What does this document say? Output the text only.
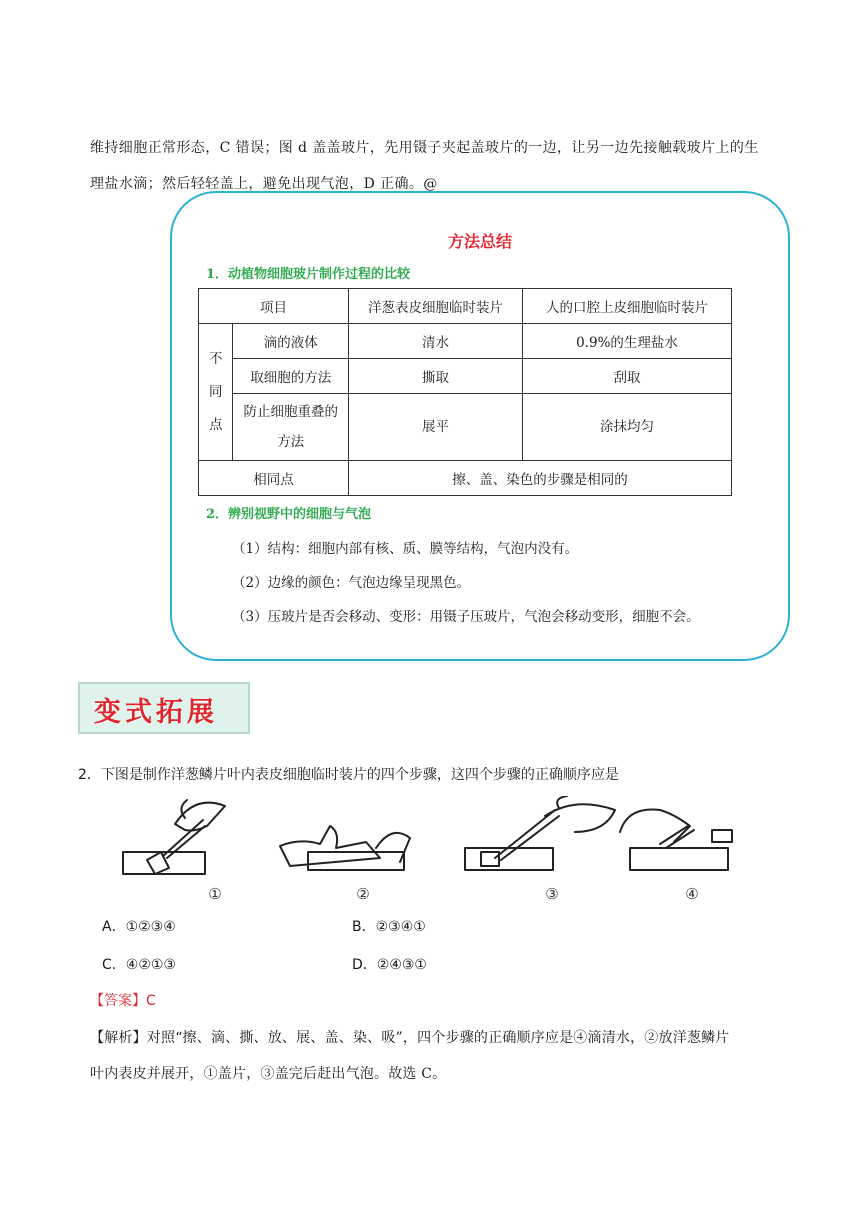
维持细胞正常形态，C 错误；图 d 盖盖玻片，先用镊子夹起盖玻片的一边，让另一边先接触载玻片上的生
理盐水滴；然后轻轻盖上，避免出现气泡，D 正确。@
方法总结
1．动植物细胞玻片制作过程的比较
项目		洋葱表皮细胞临时装片	人的口腔上皮细胞临时装片

不
同
点	滴的液体	清水	0.9%的生理盐水
	取细胞的方法	撕取	刮取
	防止细胞重叠的方法	展平	涂抹均匀
相同点		擦、盖、染色的步骤是相同的	
2．辨别视野中的细胞与气泡
（1）结构：细胞内部有核、质、膜等结构，气泡内没有。
（2）边缘的颜色：气泡边缘呈现黑色。
（3）压玻片是否会移动、变形：用镊子压玻片，气泡会移动变形，细胞不会。
变式拓展
2．下图是制作洋葱鳞片叶内表皮细胞临时装片的四个步骤，这四个步骤的正确顺序应是
①	②	③	④
A．①②③④	B．②③④①
C．④②①③	D．②④③①
【答案】C
【解析】对照“擦、滴、撕、放、展、盖、染、吸”，四个步骤的正确顺序应是④滴清水，②放洋葱鳞片
叶内表皮并展开，①盖片，③盖完后赶出气泡。故选 C。
